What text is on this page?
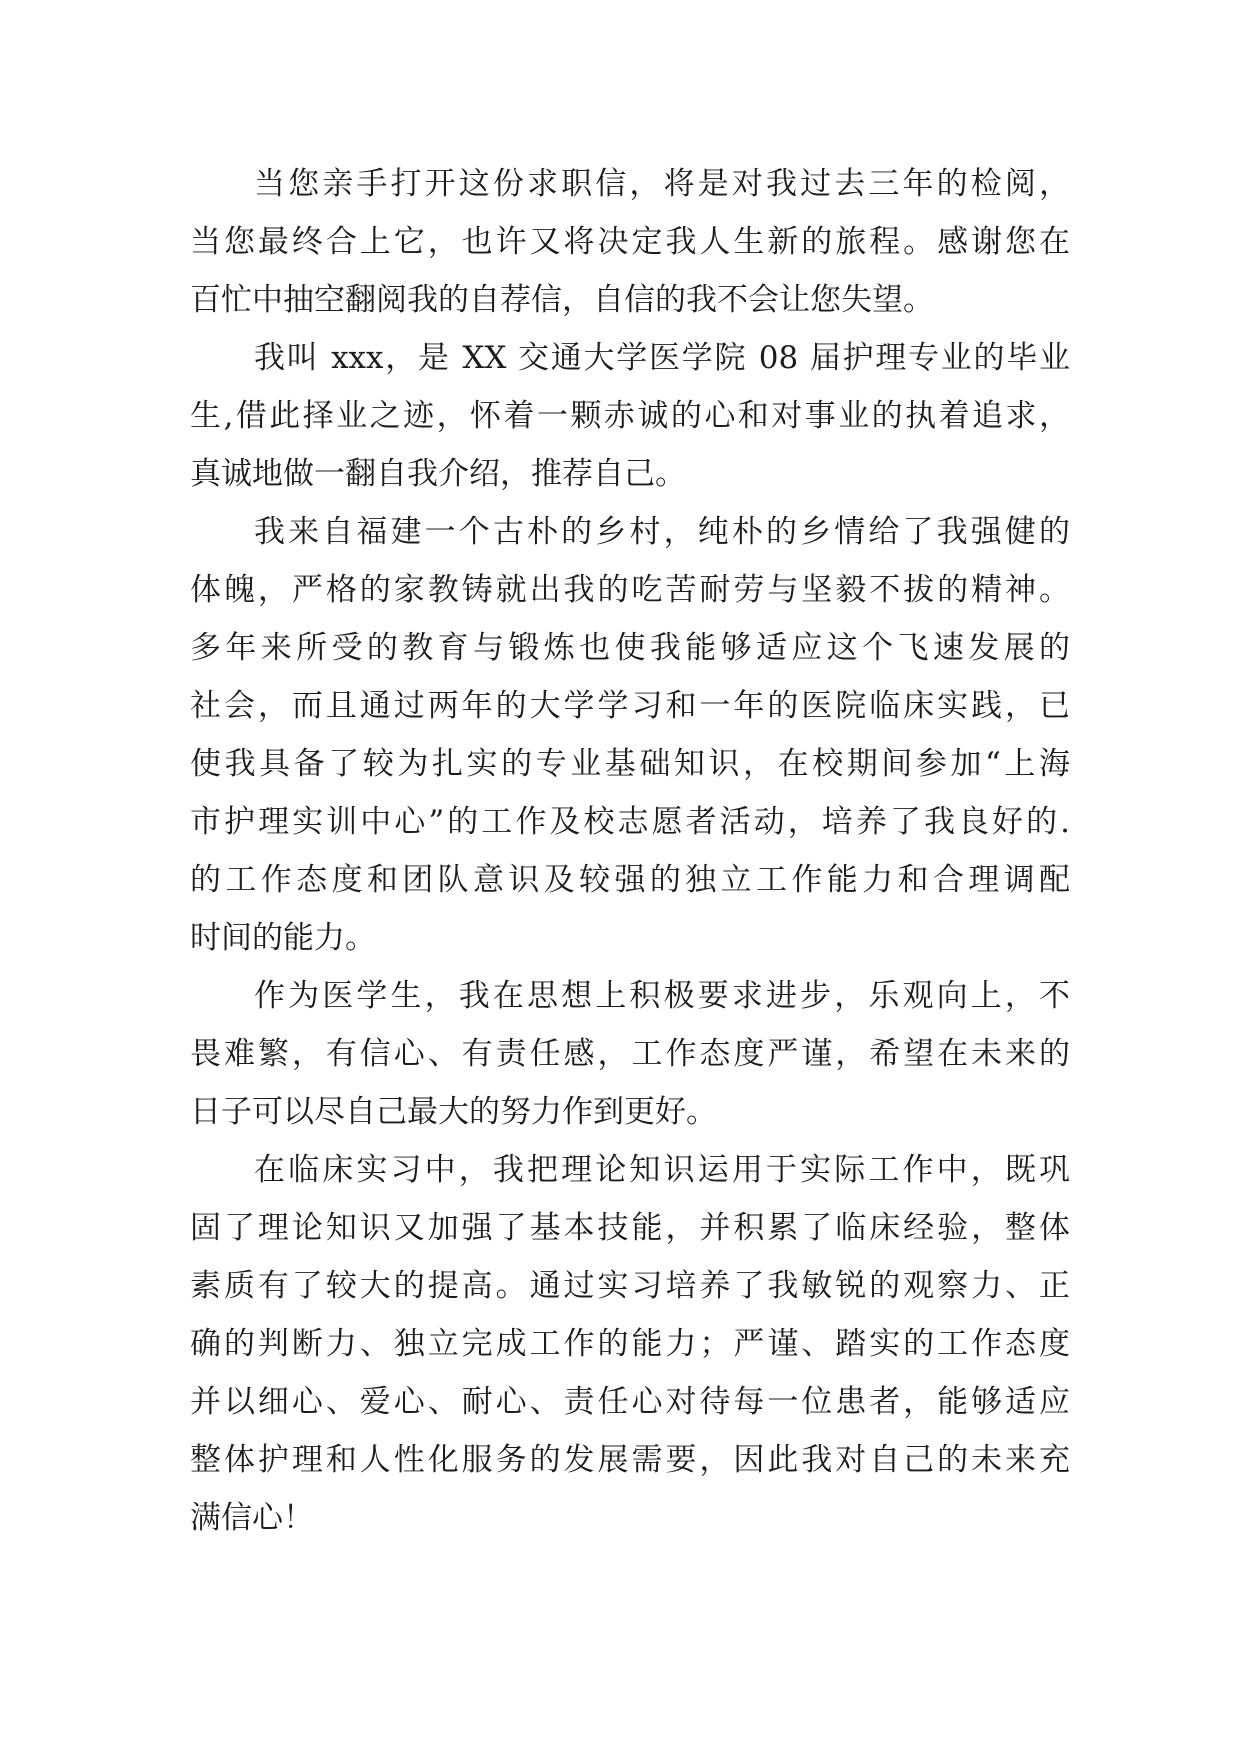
当您亲手打开这份求职信，将是对我过去三年的检阅，
当您最终合上它，也许又将决定我人生新的旅程。感谢您在
百忙中抽空翻阅我的自荐信，自信的我不会让您失望。
我叫 xxx，是 XX 交通大学医学院 08 届护理专业的毕业
生,借此择业之迹，怀着一颗赤诚的心和对事业的执着追求，
真诚地做一翻自我介绍，推荐自己。
我来自福建一个古朴的乡村，纯朴的乡情给了我强健的
体魄，严格的家教铸就出我的吃苦耐劳与坚毅不拔的精神。
多年来所受的教育与锻炼也使我能够适应这个飞速发展的
社会，而且通过两年的大学学习和一年的医院临床实践，已
使我具备了较为扎实的专业基础知识，在校期间参加“上海
市护理实训中心”的工作及校志愿者活动，培养了我良好的.
的工作态度和团队意识及较强的独立工作能力和合理调配
时间的能力。
作为医学生，我在思想上积极要求进步，乐观向上，不
畏难繁，有信心、有责任感，工作态度严谨，希望在未来的
日子可以尽自己最大的努力作到更好。
在临床实习中，我把理论知识运用于实际工作中，既巩
固了理论知识又加强了基本技能，并积累了临床经验，整体
素质有了较大的提高。通过实习培养了我敏锐的观察力、正
确的判断力、独立完成工作的能力；严谨、踏实的工作态度
并以细心、爱心、耐心、责任心对待每一位患者，能够适应
整体护理和人性化服务的发展需要，因此我对自己的未来充
满信心！
